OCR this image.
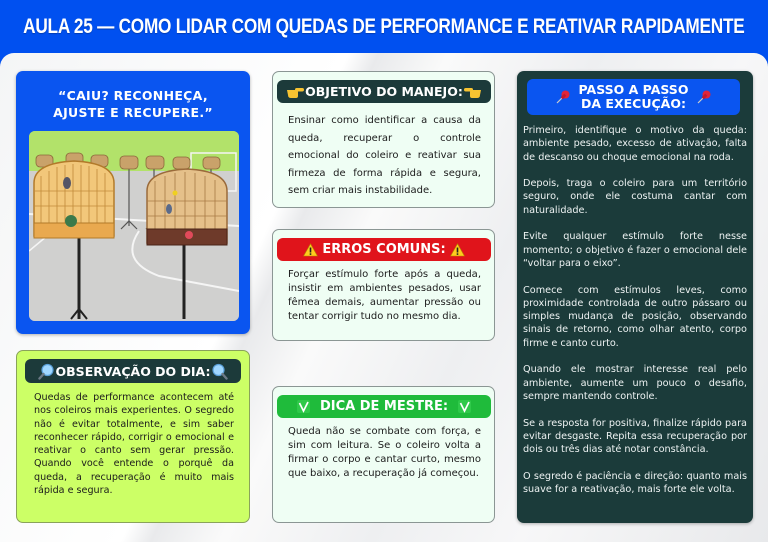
AULA 25 — COMO LIDAR COM QUEDAS DE PERFORMANCE E REATIVAR RAPIDAMENTE
“CAIU? RECONHEÇA,
AJUSTE E RECUPERE.”
OBSERVAÇÃO DO DIA:
Quedas de performance acontecem até nos coleiros mais experientes. O segredo não é evitar totalmente, e sim saber reconhecer rápido, corrigir o emocional e reativar o canto sem gerar pressão. Quando você entende o porquê da queda, a recuperação é muito mais rápida e segura.
OBJETIVO DO MANEJO:
Ensinar como identificar a causa da queda, recuperar o controle emocional do coleiro e reativar sua firmeza de forma rápida e segura, sem criar mais instabilidade.
ERROS COMUNS:
Forçar estímulo forte após a queda, insistir em ambientes pesados, usar fêmea demais, aumentar pressão ou tentar corrigir tudo no mesmo dia.
DICA DE MESTRE:
Queda não se combate com força, e sim com leitura. Se o coleiro volta a firmar o corpo e cantar curto, mesmo que baixo, a recuperação já começou.
PASSO A PASSO
DA EXECUÇÃO:

Primeiro, identifique o motivo da queda: ambiente pesado, excesso de ativação, falta de descanso ou choque emocional na roda.

Depois, traga o coleiro para um território seguro, onde ele costuma cantar com naturalidade.

Evite qualquer estímulo forte nesse momento; o objetivo é fazer o emocional dele “voltar para o eixo”.

Comece com estímulos leves, como proximidade controlada de outro pássaro ou simples mudança de posição, observando sinais de retorno, como olhar atento, corpo firme e canto curto.

Quando ele mostrar interesse real pelo ambiente, aumente um pouco o desafio, sempre mantendo controle.

Se a resposta for positiva, finalize rápido para evitar desgaste. Repita essa recuperação por dois ou três dias até notar constância.

O segredo é paciência e direção: quanto mais suave for a reativação, mais forte ele volta.
